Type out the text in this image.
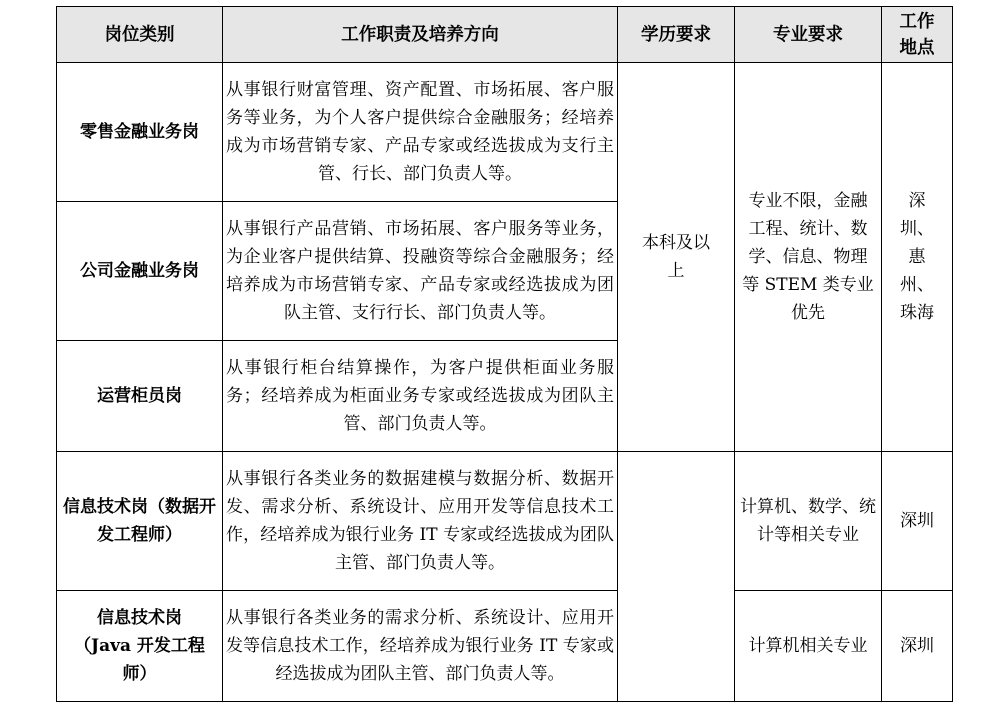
岗位类别	工作职责及培养方向	学历要求	专业要求	工作地点
零售金融业务岗	从事银行财富管理、资产配置、市场拓展、客户服务等业务，为个人客户提供综合金融服务；经培养成为市场营销专家、产品专家或经选拔成为支行主管、行长、部门负责人等。	本科及以上	专业不限，金融工程、统计、数学、信息、物理等 STEM 类专业优先	深圳、惠州、珠海
公司金融业务岗	从事银行产品营销、市场拓展、客户服务等业务，为企业客户提供结算、投融资等综合金融服务；经培养成为市场营销专家、产品专家或经选拔成为团队主管、支行行长、部门负责人等。			
运营柜员岗	从事银行柜台结算操作，为客户提供柜面业务服务；经培养成为柜面业务专家或经选拔成为团队主管、部门负责人等。			
信息技术岗（数据开发工程师）	从事银行各类业务的数据建模与数据分析、数据开发、需求分析、系统设计、应用开发等信息技术工作，经培养成为银行业务 IT 专家或经选拔成为团队主管、部门负责人等。		计算机、数学、统计等相关专业	深圳
信息技术岗（Java 开发工程师）	从事银行各类业务的需求分析、系统设计、应用开发等信息技术工作，经培养成为银行业务 IT 专家或经选拔成为团队主管、部门负责人等。		计算机相关专业	深圳
